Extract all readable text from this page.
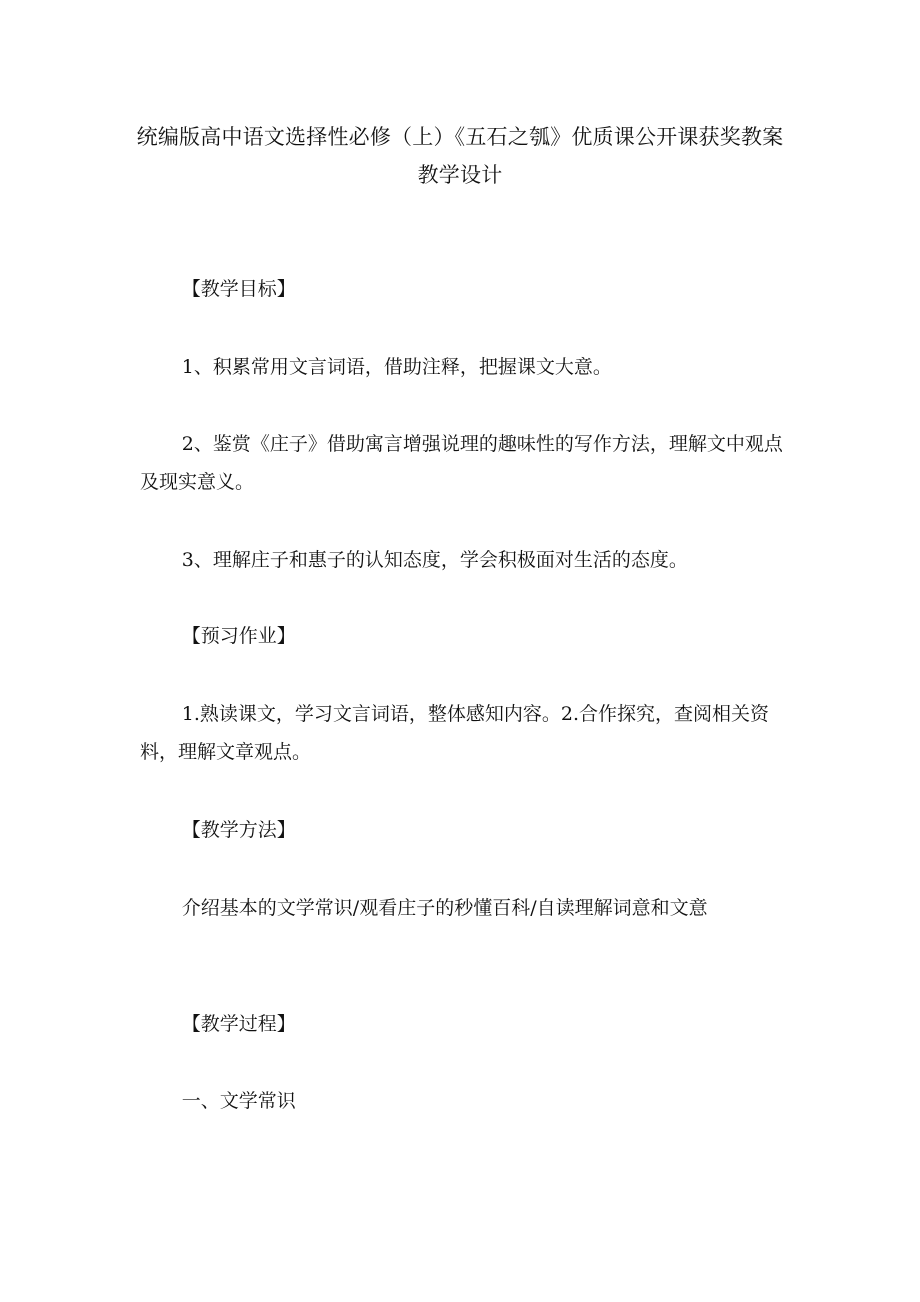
统编版高中语文选择性必修（上）《五石之瓠》优质课公开课获奖教案教学设计
【教学目标】
1、积累常用文言词语，借助注释，把握课文大意。
2、鉴赏《庄子》借助寓言增强说理的趣味性的写作方法，理解文中观点及现实意义。
3、理解庄子和惠子的认知态度，学会积极面对生活的态度。
【预习作业】
1.熟读课文，学习文言词语，整体感知内容。2.合作探究，查阅相关资料，理解文章观点。
【教学方法】
介绍基本的文学常识/观看庄子的秒懂百科/自读理解词意和文意
【教学过程】
一、文学常识
